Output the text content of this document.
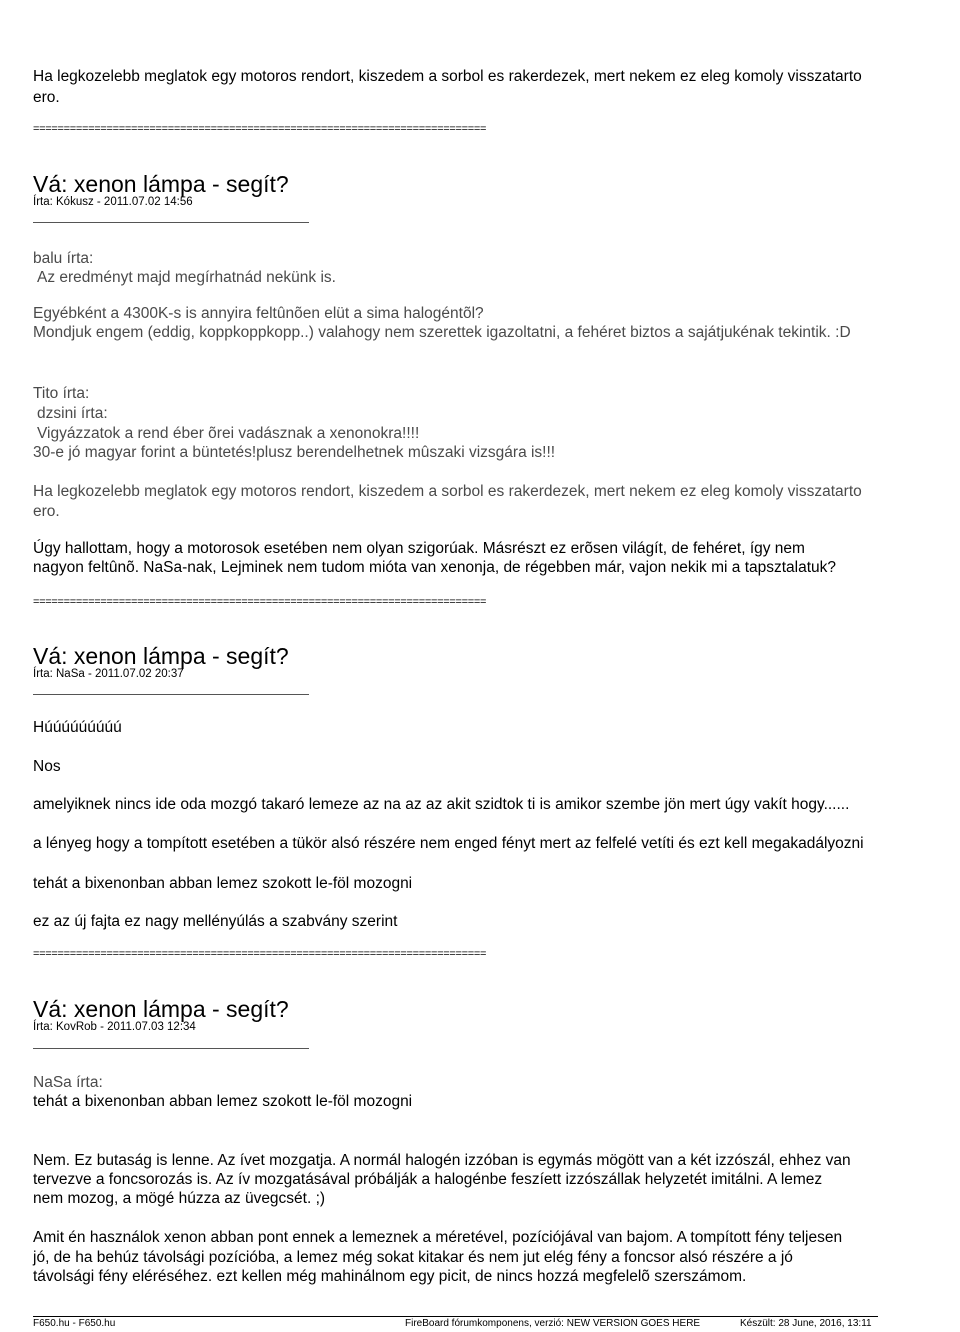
Ha legkozelebb meglatok egy motoros rendort, kiszedem a sorbol es rakerdezek, mert nekem ez eleg komoly visszatarto

ero.

==========================================================================
Vá: xenon lámpa - segít?
Írta: Kókusz - 2011.07.02 14:56

balu írta:

Az eredményt majd megírhatnád nekünk is.

Egyébként a 4300K-s is annyira feltûnõen elüt a sima halogéntõl?

Mondjuk engem (eddig, koppkoppkopp..) valahogy nem szerettek igazoltatni, a fehéret biztos a sajátjukénak tekintik. :D

Tito írta:

dzsini írta:

Vigyázzatok a rend éber õrei vadásznak a xenonokra!!!!

30-e jó magyar forint a büntetés!plusz berendelhetnek mûszaki vizsgára is!!!

Ha legkozelebb meglatok egy motoros rendort, kiszedem a sorbol es rakerdezek, mert nekem ez eleg komoly visszatarto

ero.

Úgy hallottam, hogy a motorosok esetében nem olyan szigorúak. Másrészt ez erõsen világít, de fehéret, így nem

nagyon feltûnõ. NaSa-nak, Lejminek nem tudom mióta van xenonja, de régebben már, vajon nekik mi a tapsztalatuk?

==========================================================================
Vá: xenon lámpa - segít?
Írta: NaSa - 2011.07.02 20:37

Húúúúúúúúú

Nos

amelyiknek nincs ide oda mozgó takaró lemeze az na az az akit szidtok ti is amikor szembe jön mert úgy vakít hogy......

a lényeg hogy a tompított esetében a tükör alsó részére nem enged fényt mert az felfelé vetíti és ezt kell megakadályozni

tehát a bixenonban abban lemez szokott le-föl mozogni

ez az új fajta ez nagy mellényúlás a szabvány szerint

==========================================================================
Vá: xenon lámpa - segít?
Írta: KovRob - 2011.07.03 12:34

NaSa írta:

tehát a bixenonban abban lemez szokott le-föl mozogni

Nem. Ez butaság is lenne. Az ívet mozgatja. A normál halogén izzóban is egymás mögött van a két izzószál, ehhez van

tervezve a foncsorozás is. Az ív mozgatásával próbálják a halogénbe feszíett izzószállak helyzetét imitálni. A lemez

nem mozog, a mögé húzza az üvegcsét. ;)

Amit én használok xenon abban pont ennek a lemeznek a méretével, pozíciójával van bajom. A tompított fény teljesen

jó, de ha behúz távolsági pozícióba, a lemez még sokat kitakar és nem jut elég fény a foncsor alsó részére a jó

távolsági fény eléréséhez. ezt kellen még mahinálnom egy picit, de nincs hozzá megfelelõ szerszámom.

F650.hu - F650.hu	FireBoard fórumkomponens, verzió: NEW VERSION GOES HERE	Készült: 28 June, 2016, 13:11
